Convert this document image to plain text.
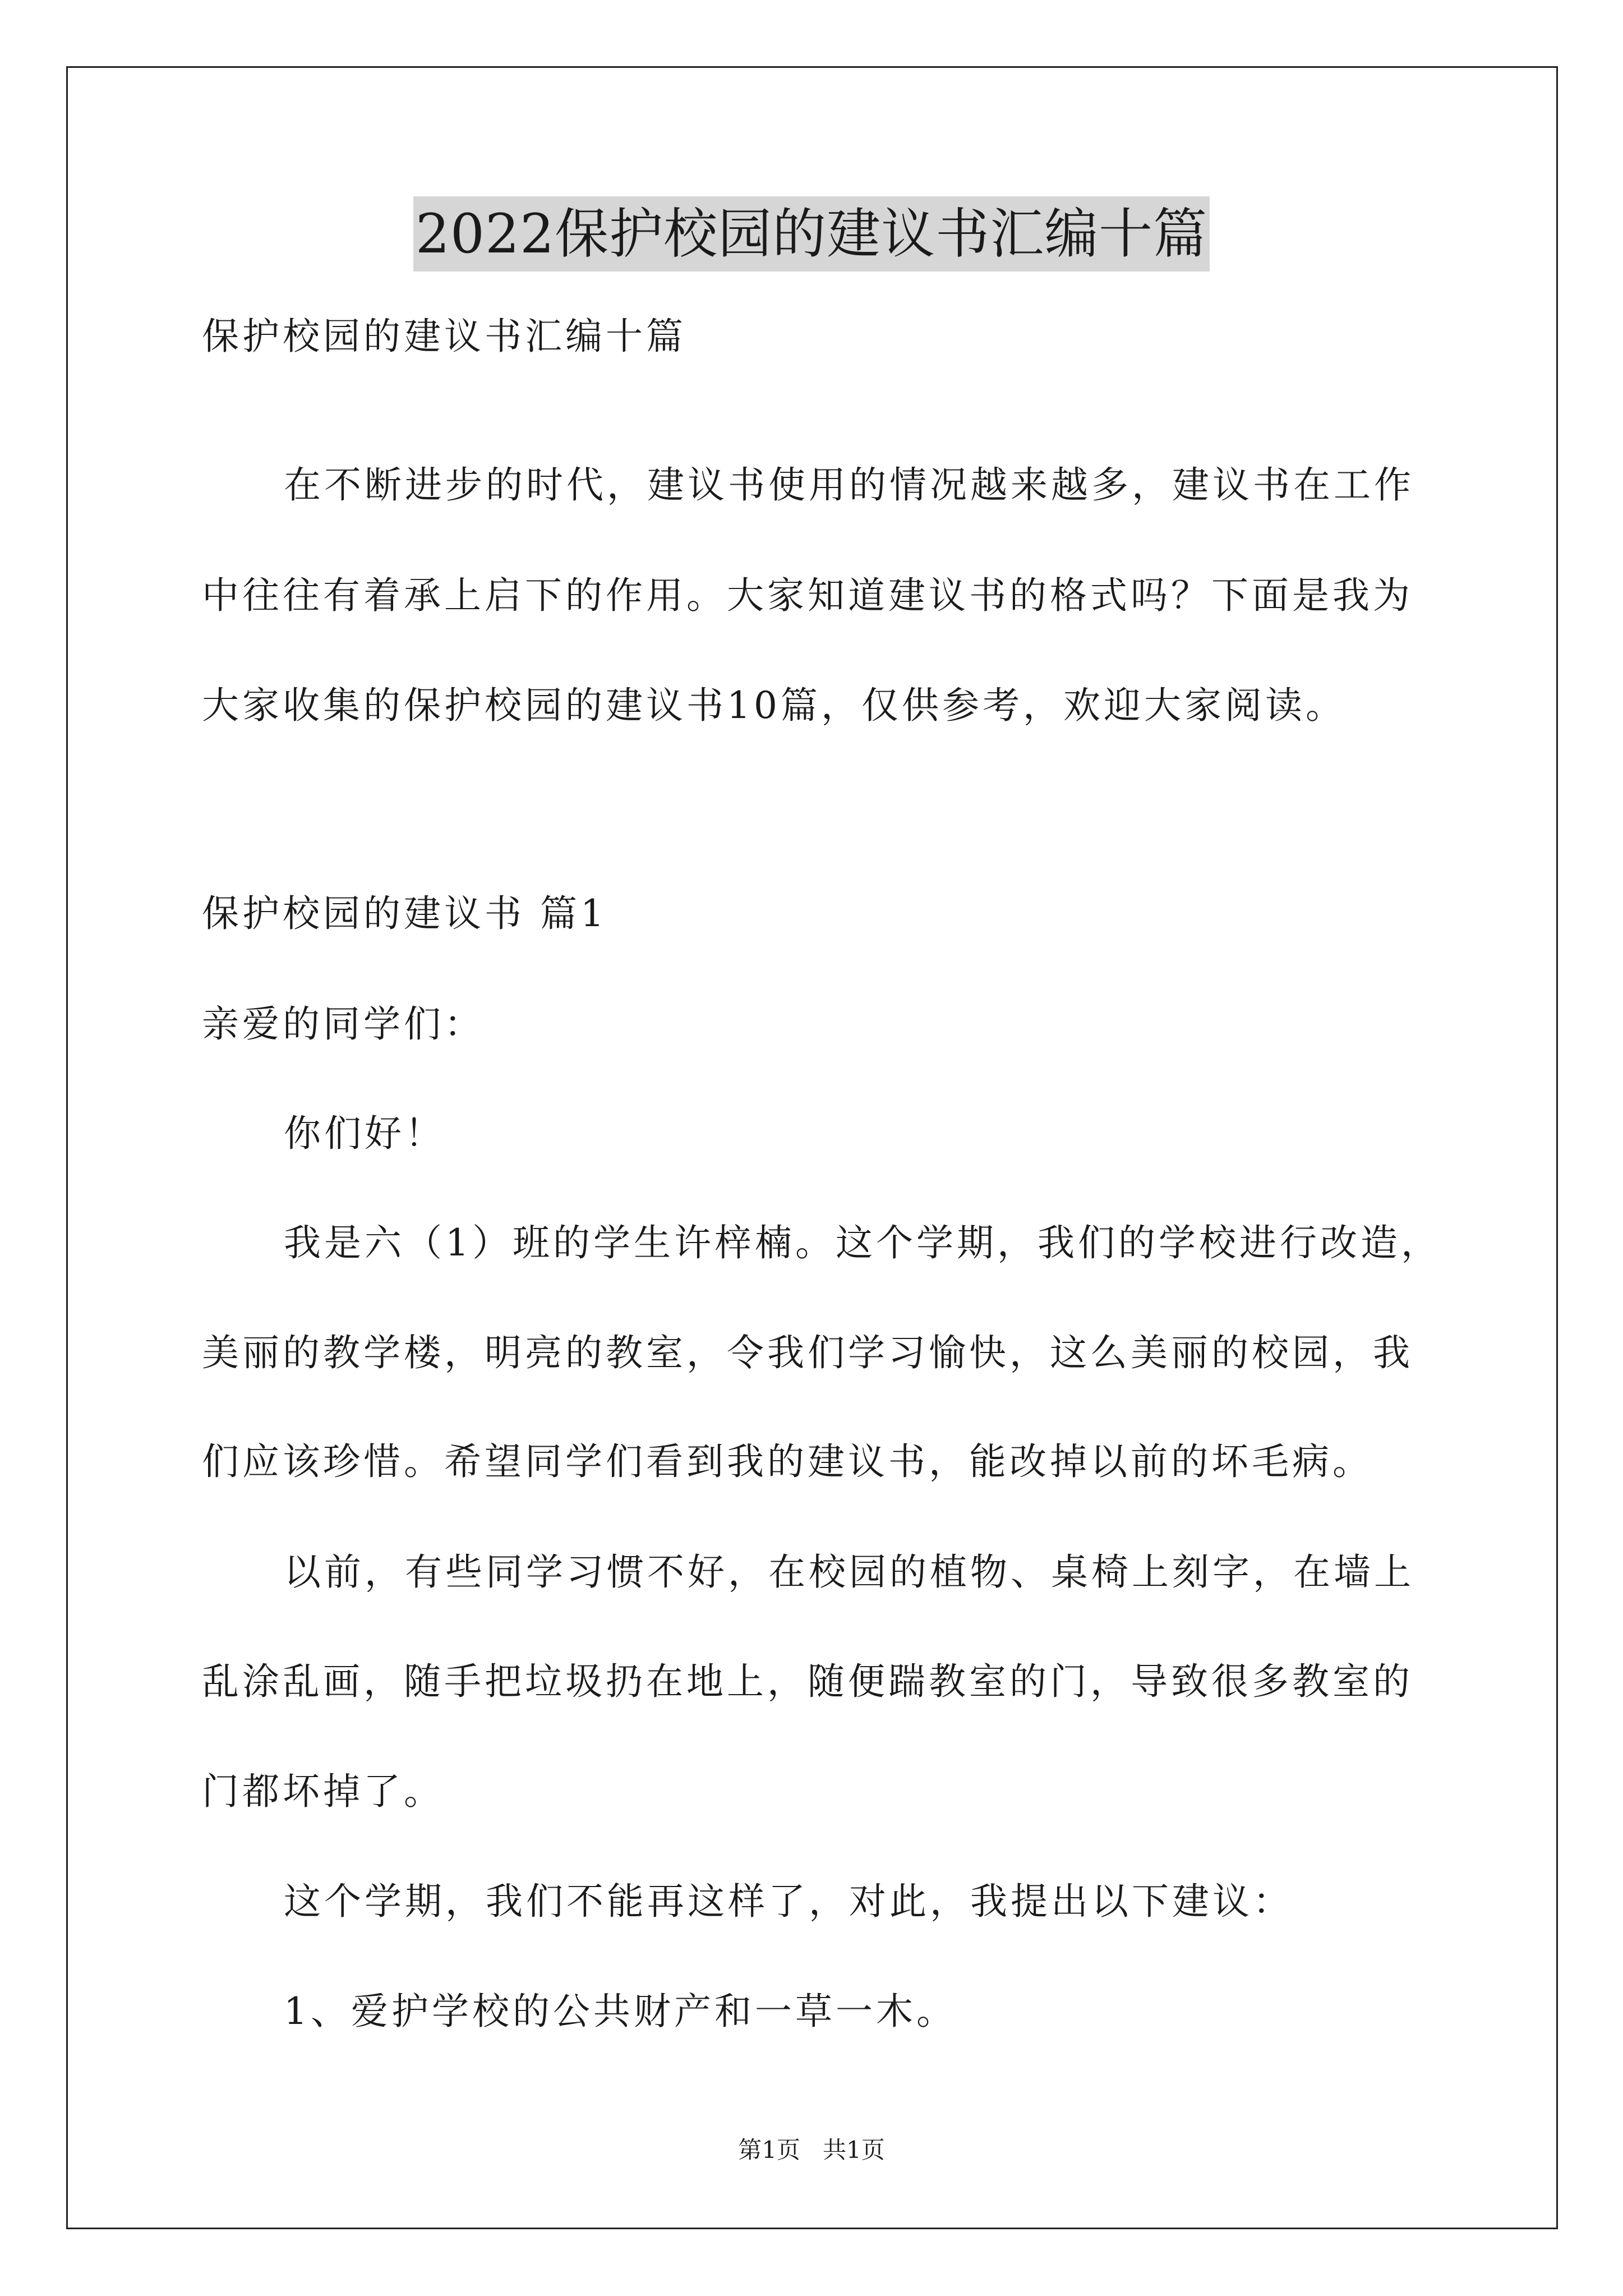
2022保护校园的建议书汇编十篇
保护校园的建议书汇编十篇
在不断进步的时代，建议书使用的情况越来越多，建议书在工作
中往往有着承上启下的作用。大家知道建议书的格式吗？下面是我为
大家收集的保护校园的建议书10篇，仅供参考，欢迎大家阅读。
保护校园的建议书 篇1
亲爱的同学们：
你们好！
我是六（1）班的学生许梓楠。这个学期，我们的学校进行改造，
美丽的教学楼，明亮的教室，令我们学习愉快，这么美丽的校园，我
们应该珍惜。希望同学们看到我的建议书，能改掉以前的坏毛病。
以前，有些同学习惯不好，在校园的植物、桌椅上刻字，在墙上
乱涂乱画，随手把垃圾扔在地上，随便踹教室的门，导致很多教室的
门都坏掉了。
这个学期，我们不能再这样了，对此，我提出以下建议：
1、爱护学校的公共财产和一草一木。
第1页   共1页
